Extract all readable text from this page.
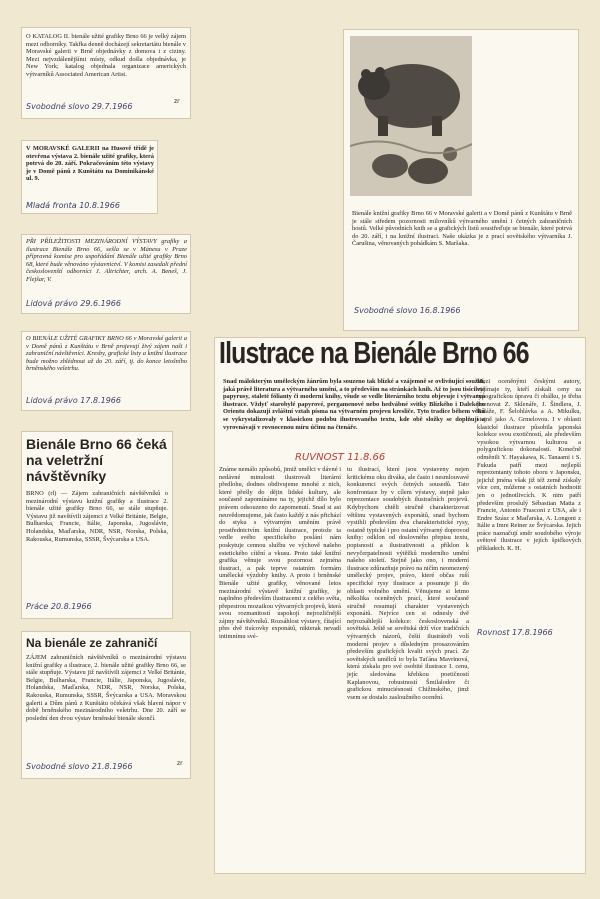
O KATALOG II. bienále užité grafiky Brno 66 je velký zájem mezi odborníky. Takřka denně docházejí sekretariátu bienále v Moravské galerii v Brně objednávky z domova i z ciziny. Mezi nejvzdálenějšími místy, odkud došla objednávka, je New York; katalog objednala organizace amerických výtvarníků Associated American Artist.

Svobodné slovo 29.7.1966
zr

V MORAVSKÉ GALERII na Husově třídě je otevřena výstava 2. bienále užité grafiky, která potrvá do 20. září. Pokračováním této výstavy je v Domě pánů z Kunštátu na Dominikánské ul. 9.

Mladá fronta 10.8.1966

PŘI PŘÍLEŽITOSTI MEZINÁRODNÍ VÝSTAVY grafiky a ilustrace Bienále Brno 66, sešla se v Mánesu v Praze přípravná komise pro uspořádání Bienále užité grafiky Brno 68, které bude věnováno výstavnictví. V komisi zasedali přední českoslovenští odborníci J. Altrichter, arch. A. Beneš, J. Flejšar, V.

Lidová právo 29.6.1966

O BIENÁLE UŽITÉ GRAFIKY BRNO 66 v Moravské galerii a v Domě pánů z Kunštátu v Brně projevují živý zájem naši i zahraniční návštěvníci. Kresby, grafické listy a knižní ilustrace bude možno zhlédnout až do 20. září, tj. do konce letošního brněnského veletrhu.

Lidová právo 17.8.1966

Bienále Brno 66 čeká na veletržní návštěvníky

BRNO (rl) — Zájem zahraničních návštěvníků o mezinárodní výstavu knižní grafiky a ilustrace 2. bienále užité grafiky Brno 66, se stále stupňuje. Výstavu již navštívili zájemci z Velké Británie, Belgie, Bulharska, Francie, Itálie, Japonska, Jugoslávie, Holandska, Maďarska, NDR, NSR, Norska, Polska, Rakouska, Rumunska, SSSR, Švýcarska a USA.

Práce 20.8.1966

Na bienále ze zahraničí

ZÁJEM zahraničních návštěvníků o mezinárodní výstavu knižní grafiky a ilustrace, 2. bienále užité grafiky Brno 66, se stále stupňuje. Výstavu již navštívili zájemci z Velké Británie, Belgie, Bulharska, Francie, Itálie, Japonska, Jugoslávie, Holandska, Maďarska, NDR, NSR, Norska, Polska, Rakouska, Rumunska, SSSR, Švýcarska a USA. Moravskou galerii a Dům pánů z Kunštátu očekává však hlavní nápor v době brněnského mezinárodního veletrhu. Dne 20. září se poslední den dvou výstav brněnské bienále skončí.

Svobodné slovo 21.8.1966	zr

Bienále knižní grafiky Brno 66 v Moravské galerii a v Domě pánů z Kunštátu v Brně je stále středem pozornosti milovníků výtvarného umění i četných zahraničních hostů. Velké původních knih se a grafických listů soustřeďuje se bienále, které potrvá do 20. září, i na knižní ilustraci. Naše ukázka je z prací sovětského výtvarníka J. Čarušina, věnovaných pohádkám S. Maršaka.

Svobodné slovo 16.8.1966

Ilustrace na Bienále Brno 66

Snad málokterým uměleckým žánrům byla souzeno tak blízké a vzájemně se ovlivňující soužití, jaká právě literatura a výtvarného umění, a to především na stránkách knih. Až to jsou tisícileté papyrusy, staleté fólianty či moderní knihy, všude se vedle literárního textu objevuje i výtvarná ilustrace. Vždyť starobylé papyrové, pergamenové nebo hedvábné svitky Blízkého i Dalekého Orientu dokazují zvláštní vztah písma na výtvarném projevu kresliče. Tyto tradice během věků se vykrystalizovaly v klasickou podobu ilustrovaného textu, kde obě složky se doplňují a vyrovnávají v rovnocenou míru účinu na čtenáře.

Známe nemálo způsobů, jimiž umělci v dávné i nedávné minulosti ilustrovali literární předlohu, dodnes obdivujeme mnohé z nich, které přešly do dějin lidské kultury, ale současně zapomínáme na ty, jejichž dílo bylo právem odsouzeno do zapomenutí. Snad si asi neuvědomujeme, jak často každý z nás přichází do styku s výtvarným uměním právě prostřednictvím knižní ilustrace, protože ta vedle svého specifického poslání nám poskytuje cennou službu ve výchově našeho estetického cítění a vkusu. Proto také knižní grafika věnuje svou pozornost zejména ilustraci, a pak teprve ostatním formám umělecké výzdoby knihy. A proto i brněnské Bienále užité grafiky, věnované letos mezinárodní výstavě knižní grafiky, je naplněno především ilustracemi z celého světa, přepestrou mozaikou výtvarných projevů, která svou rozmanitostí uspokojí nejrozličnější zájmy návštěvníků. Rozsáhlost výstavy, čítající přes dvě tisícovky exponátů, nikterak nevadí intimnímu své-

tu ilustrací, které jsou vystaveny nejen kritickému oku diváka, ale často i nesmlouvavé konkurenci svých četných sousedů. Tato konfrontace by v cílem výstavy, stejně jako reprezentace soudobých ilustračních projevů. Kdybychom chtěli stručně charakterizovat většinu vystavených exponátů, snad bychom vystihli především dva charakteristické rysy, ostatně typické i pro ostatní výtvarný doprovod knihy: odklon od doslovného přepisu textu, popisnosti a ilustrativnosti a příklon k nevyčerpatelnosti výtěžků moderního umění našeho století. Stejně jako ono, i moderní ilustrace zdůrazňuje právo na ničím neomezený umělecký projev, právo, které občas ruší specifické rysy ilustrace a posunuje ji do oblasti volného umění. Věnujeme si letmo několika oceněných prací, které současně stručně resumují charakter vystavených exponátů. Nejvíce cen si odnesly dvě nejrozsáhlejší kolekce: československá a sovětská. Ještě se sovětská drží více tradičních výtvarných názorů, čeští ilustrátoři volí moderní projev s důsledným prosazováním především grafických kvalit svých prací. Ze sovětských umělců to byla Taťána Mavrinová, která získala pro své osobité ilustrace I. cenu, jejíc sledována křehkou poetičností Kaplanovou, robustností Šmilalodov či grafickou minuciésností Chižinského, jimž vsem se dostalo zasloužného ocenění.

Mezi oceněnými českými autory, vyjímaje ty, kteří získali ceny za typografickou úpravu či obálku, je třeba jmenovat Z. Sklenáře, J. Šindlera, J. Baláže, F. Šelohlávka a A. Mikulku, stejně jako A. Grmelovou. I v oblasti klasické ilustrace působila japonská kolekce svou exotičností, ale především vysokou výtvarnou kulturou a polygrafickou dokonalostí. Konečně odměnili Y. Hayakawa, K. Tanaami i S. Fukuda patří mezi nejlepší reprezentanty tohoto oboru v Japonsku, jejichž jména však již též země získaly více cen, můžeme s ostatních hodnotit jen o jednotlivcích. K nim patří především proslulý Sébastian Matta z Francie, Antonio Frasconi z USA, ale i Endre Szász z Maďarska, A. Longoni z Itálie a Imre Reiner ze Švýcarska. Jejich práce naznačují směr soudobého výroje světové ilustrace v jejích špičkových příkladech. K. H.

RUVNOST 11.8.66
Rovnost 17.8.1966
